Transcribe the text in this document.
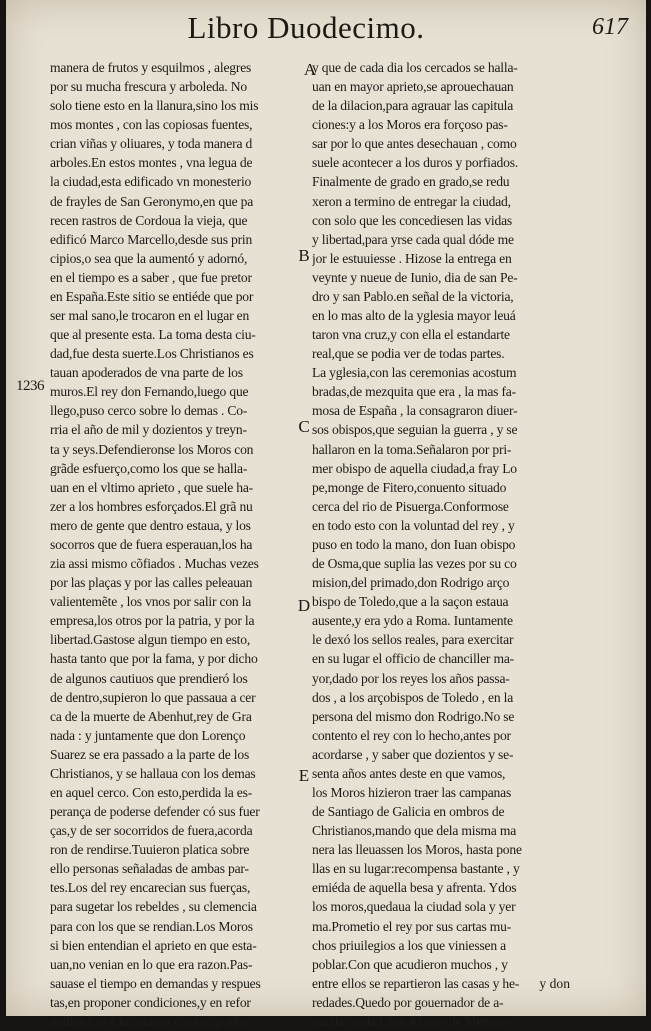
Libro Duodecimo.	617
1236
A
B
C
D
E
manera de frutos y esquilmos , alegres
por su mucha frescura y arboleda. No
solo tiene esto en la llanura,sino los mis
mos montes , con las copiosas fuentes,
crian viñas y oliuares, y toda manera d
arboles.En estos montes , vna legua de
la ciudad,esta edificado vn monesterio
de frayles de San Geronymo,en que pa
recen rastros de Cordoua la vieja, que
edificó Marco Marcello,desde sus prin
cipios,o sea que la aumentó y adornó,
en el tiempo es a saber , que fue pretor
en España.Este sitio se entiéde que por
ser mal sano,le trocaron en el lugar en
que al presente esta. La toma desta ciu-
dad,fue desta suerte.Los Christianos es
tauan apoderados de vna parte de los
muros.El rey don Fernando,luego que
llego,puso cerco sobre lo demas . Co-
rria el año de mil y dozientos y treyn-
ta y seys.Defendieronse los Moros con
grãde esfuerço,como los que se halla-
uan en el vltimo aprieto , que suele ha-
zer a los hombres esforçados.El grã nu
mero de gente que dentro estaua, y los
socorros que de fuera esperauan,los ha
zia assi mismo cõfiados . Muchas vezes
por las plaças y por las calles peleauan
valientemẽte , los vnos por salir con la
empresa,los otros por la patria, y por la
libertad.Gastose algun tiempo en esto,
hasta tanto que por la fama, y por dicho
de algunos cautiuos que prendieró los
de dentro,supieron lo que passaua a cer
ca de la muerte de Abenhut,rey de Gra
nada : y juntamente que don Lorenço
Suarez se era passado a la parte de los
Christianos, y se hallaua con los demas
en aquel cerco. Con esto,perdida la es-
perança de poderse defender có sus fuer
ças,y de ser socorridos de fuera,acorda
ron de rendirse.Tuuieron platica sobre
ello personas señaladas de ambas par-
tes.Los del rey encarecian sus fuerças,
para sugetar los rebeldes , su clemencia
para con los que se rendian.Los Moros
si bien entendian el aprieto en que esta-
uan,no venian en lo que era razon.Pas-
sauase el tiempo en demandas y respues
tas,en proponer condiciones,y en refor
mallas.Los Christianos vista su porfia,
y que de cada dia los cercados se halla-
uan en mayor aprieto,se aprouechauan
de la dilacion,para agrauar las capitula
ciones:y a los Moros era forçoso pas-
sar por lo que antes desechauan , como
suele acontecer a los duros y porfiados.
Finalmente de grado en grado,se redu
xeron a termino de entregar la ciudad,
con solo que les concediesen las vidas
y libertad,para yrse cada qual dóde me
jor le estuuiesse . Hizose la entrega en
veynte y nueue de Iunio, dia de san Pe-
dro y san Pablo.en señal de la victoria,
en lo mas alto de la yglesia mayor leuá
taron vna cruz,y con ella el estandarte
real,que se podia ver de todas partes.
La yglesia,con las ceremonias acostum
bradas,de mezquita que era , la mas fa-
mosa de España , la consagraron diuer-
sos obispos,que seguian la guerra , y se
hallaron en la toma.Señalaron por pri-
mer obispo de aquella ciudad,a fray Lo
pe,monge de Fitero,conuento situado
cerca del rio de Pisuerga.Conformose
en todo esto con la voluntad del rey , y
puso en todo la mano, don Iuan obispo
de Osma,que suplia las vezes por su co
mision,del primado,don Rodrigo arço
bispo de Toledo,que a la saçon estaua
ausente,y era ydo a Roma. Iuntamente
le dexó los sellos reales, para exercitar
en su lugar el officio de chanciller ma-
yor,dado por los reyes los años passa-
dos , a los arçobispos de Toledo , en la
persona del mismo don Rodrigo.No se
contento el rey con lo hecho,antes por
acordarse , y saber que dozientos y se-
senta años antes deste en que vamos,
los Moros hizieron traer las campanas
de Santiago de Galicia en ombros de
Christianos,mando que dela misma ma
nera las lleuassen los Moros, hasta pone
llas en su lugar:recompensa bastante , y
emiéda de aquella besa y afrenta. Ydos
los moros,quedaua la ciudad sola y yer
ma.Prometio el rey por sus cartas mu-
chos priuilegios a los que viniessen a
poblar.Con que acudieron muchos , y
entre ellos se repartieron las casas y he-
redades.Quedo por gouernador de a-
quella ciudad,don Alonso de Meneses:
y don
